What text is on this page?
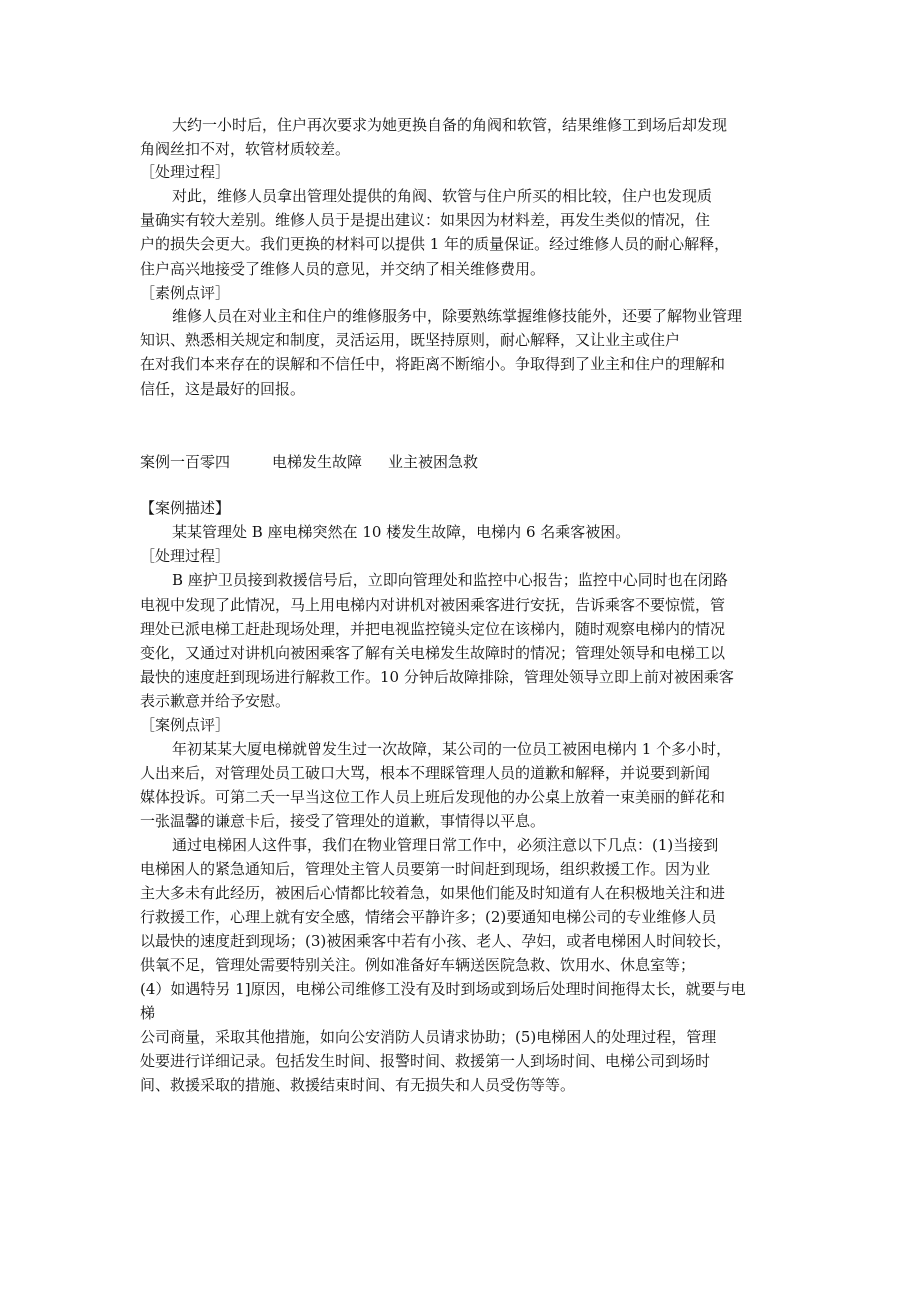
大约一小时后，住户再次要求为她更换自备的角阀和软管，结果维修工到场后却发现
角阀丝扣不对，软管材质较差。
［处理过程］
对此，维修人员拿出管理处提供的角阀、软管与住户所买的相比较，住户也发现质
量确实有较大差别。维修人员于是提出建议：如果因为材料差，再发生类似的情况，住
户的损失会更大。我们更换的材料可以提供 1 年的质量保证。经过维修人员的耐心解释，
住户高兴地接受了维修人员的意见，并交纳了相关维修费用。
［素例点评］
维修人员在对业主和住户的维修服务中，除要熟练掌握维修技能外，还要了解物业管理
知识、熟悉相关规定和制度，灵活运用，既坚持原则，耐心解释，又让业主或住户
在对我们本来存在的误解和不信任中，将距离不断缩小。争取得到了业主和住户的理解和
信任，这是最好的回报。
案例一百零四	电梯发生故障 业主被困急救
【案例描述】
某某管理处 B 座电梯突然在 10 楼发生故障，电梯内 6 名乘客被困。
［处理过程］
B 座护卫员接到救援信号后，立即向管理处和监控中心报告；监控中心同时也在闭路
电视中发现了此情况，马上用电梯内对讲机对被困乘客进行安抚，告诉乘客不要惊慌，管
理处已派电梯工赶赴现场处理，并把电视监控镜头定位在该梯内，随时观察电梯内的情况
变化，又通过对讲机向被困乘客了解有关电梯发生故障时的情况；管理处领导和电梯工以
最快的速度赶到现场进行解救工作。10 分钟后故障排除，管理处领导立即上前对被困乘客
表示歉意并给予安慰。
［案例点评］
年初某某大厦电梯就曾发生过一次故障，某公司的一位员工被困电梯内 1 个多小时，
人出来后，对管理处员工破口大骂，根本不理睬管理人员的道歉和解释，并说要到新闻
媒体投诉。可第二夭一早当这位工作人员上班后发现他的办公桌上放着一束美丽的鲜花和
一张温馨的谦意卡后，接受了管理处的道歉，事情得以平息。
通过电梯困人这件事，我们在物业管理日常工作中，必须注意以下几点：(1)当接到
电梯困人的紧急通知后，管理处主管人员要第一时间赶到现场，组织救援工作。因为业
主大多未有此经历，被困后心情都比较着急，如果他们能及时知道有人在积极地关注和进
行救援工作，心理上就有安全感，情绪会平静许多；(2)要通知电梯公司的专业维修人员
以最快的速度赶到现场；(3)被困乘客中若有小孩、老人、孕妇，或者电梯困人时间较长，
供氧不足，管理处需要特别关注。例如准备好车辆送医院急救、饮用水、休息室等；
(4）如遇特另 1]原因，电梯公司维修工没有及时到场或到场后处理时间拖得太长，就要与电
梯
公司商量，采取其他措施，如向公安消防人员请求协助；(5)电梯困人的处理过程，管理
处要进行详细记录。包括发生时间、报警时间、救援第一人到场时间、电梯公司到场时
间、救援采取的措施、救援结束时间、有无损失和人员受伤等等。
